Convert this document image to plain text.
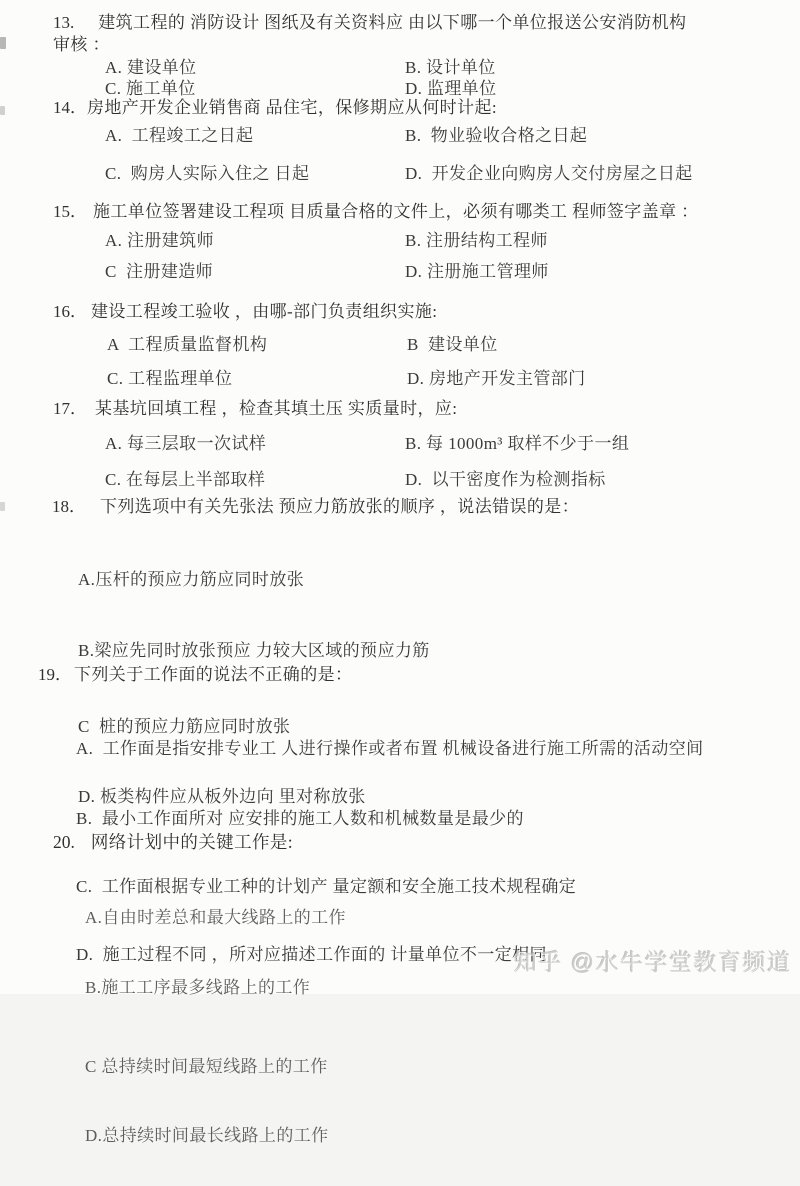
13. 建筑工程的 消防设计 图纸及有关资料应 由以下哪一个单位报送公安消防机构
审核 ：
A. 建设单位	B. 设计单位
C. 施工单位	D. 监理单位
14．房地产开发企业销售商 品住宅，保修期应从何时计起:
A.  工程竣工之日起	B.  物业验收合格之日起
C.  购房人实际入住之 日起	D.  开发企业向购房人交付房屋之日起
15． 施工单位签署建设工程项 目质量合格的文件上，必须有哪类工 程师签字盖章 ：
A. 注册建筑师	B. 注册结构工程师
C  注册建造师	D. 注册施工管理师
16． 建设工程竣工验收 ，由哪-部门负责组织实施:
A  工程质量监督机构	B  建设单位
C. 工程监理单位	D. 房地产开发主管部门
17． 某基坑回填工程 ，检查其填土压 实质量时，应:
A. 每三层取一次试样	B. 每 1000m³ 取样不少于一组
C. 在每层上半部取样	D.  以干密度作为检测指标
18． 下列选项中有关先张法 预应力筋放张的顺序 ，说法错误的是：

A.压杆的预应力筋应同时放张

B.梁应先同时放张预应 力较大区域的预应力筋

C  桩的预应力筋应同时放张

D. 板类构件应从板外边向 里对称放张

19． 下列关于工作面的说法不正确的是：

A.  工作面是指安排专业工 人进行操作或者布置 机械设备进行施工所需的活动空间

B.  最小工作面所对 应安排的施工人数和机械数量是最少的

C.  工作面根据专业工种的计划产 量定额和安全施工技术规程确定

D.  施工过程不同 ，所对应描述工作面的 计量单位不一定相同

20. 网络计划中的关键工作是:

A.自由时差总和最大线路上的工作

B.施工工序最多线路上的工作

C 总持续时间最短线路上的工作

D.总持续时间最长线路上的工作

知乎 @水牛学堂教育频道
